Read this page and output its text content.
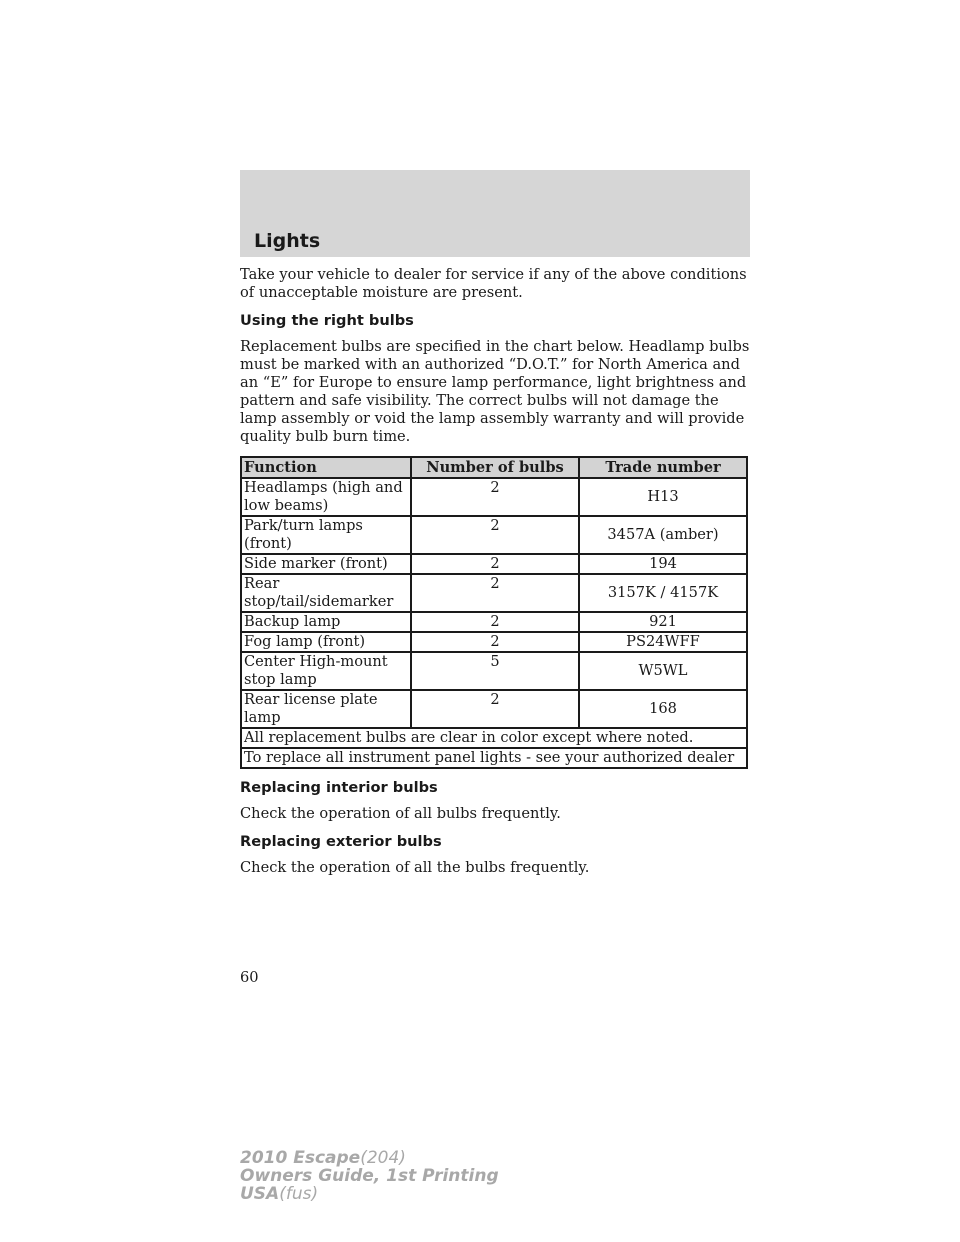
Lights

Take your vehicle to dealer for service if any of the above conditions of unacceptable moisture are present.

Using the right bulbs

Replacement bulbs are specified in the chart below. Headlamp bulbs must be marked with an authorized “D.O.T.” for North America and an “E” for Europe to ensure lamp performance, light brightness and pattern and safe visibility. The correct bulbs will not damage the lamp assembly or void the lamp assembly warranty and will provide quality bulb burn time.

Function	Number of bulbs	Trade number
Headlamps (high and low beams)	2	H13
Park/turn lamps (front)	2	3457A (amber)
Side marker (front)	2	194
Rear stop/tail/sidemarker	2	3157K / 4157K
Backup lamp	2	921
Fog lamp (front)	2	PS24WFF
Center High-mount stop lamp	5	W5WL
Rear license plate lamp	2	168
All replacement bulbs are clear in color except where noted.		
To replace all instrument panel lights - see your authorized dealer		
Replacing interior bulbs

Check the operation of all bulbs frequently.

Replacing exterior bulbs

Check the operation of all the bulbs frequently.

60
2010 Escape(204)
Owners Guide, 1st Printing
USA(fus)
